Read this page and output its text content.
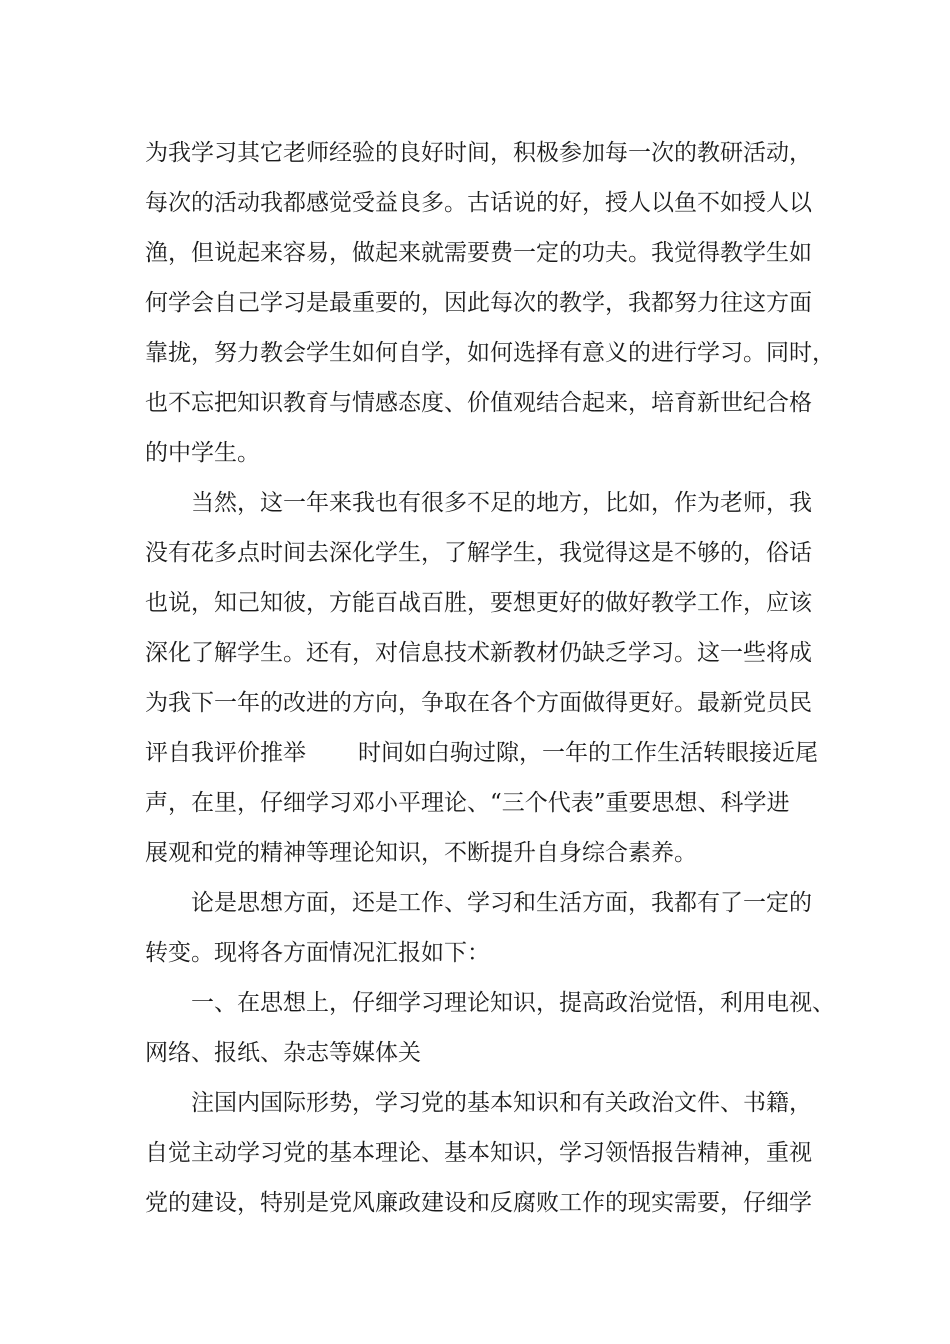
为我学习其它老师经验的良好时间，积极参加每一次的教研活动，
每次的活动我都感觉受益良多。古话说的好，授人以鱼不如授人以
渔，但说起来容易，做起来就需要费一定的功夫。我觉得教学生如
何学会自己学习是最重要的，因此每次的教学，我都努力往这方面
靠拢，努力教会学生如何自学，如何选择有意义的进行学习。同时，
也不忘把知识教育与情感态度、价值观结合起来，培育新世纪合格
的中学生。
当然，这一年来我也有很多不足的地方，比如，作为老师，我
没有花多点时间去深化学生，了解学生，我觉得这是不够的，俗话
也说，知己知彼，方能百战百胜，要想更好的做好教学工作，应该
深化了解学生。还有，对信息技术新教材仍缺乏学习。这一些将成
为我下一年的改进的方向，争取在各个方面做得更好。最新党员民
评自我评价推举 时间如白驹过隙，一年的工作生活转眼接近尾
声，在里，仔细学习邓小平理论、“三个代表”重要思想、科学进
展观和党的精神等理论知识，不断提升自身综合素养。
论是思想方面，还是工作、学习和生活方面，我都有了一定的
转变。现将各方面情况汇报如下：
一、在思想上，仔细学习理论知识，提高政治觉悟，利用电视、
网络、报纸、杂志等媒体关
注国内国际形势，学习党的基本知识和有关政治文件、书籍，
自觉主动学习党的基本理论、基本知识，学习领悟报告精神，重视
党的建设，特别是党风廉政建设和反腐败工作的现实需要，仔细学
